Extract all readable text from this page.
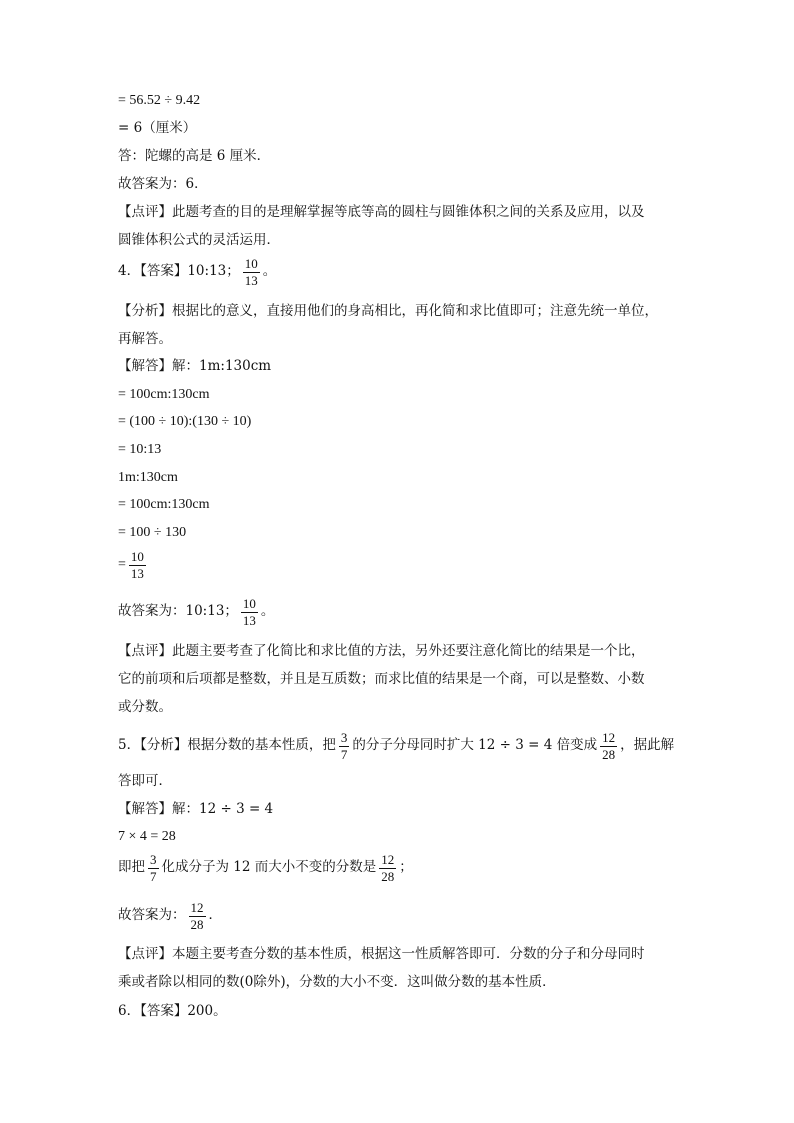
= 56.52 ÷ 9.42
= 6（厘米）
答：陀螺的高是 6 厘米．
故答案为：6．
【点评】此题考查的目的是理解掌握等底等高的圆柱与圆锥体积之间的关系及应用，以及
圆锥体积公式的灵活运用．
4．【答案】10:13； $\frac{10}{13}$ 。
【分析】根据比的意义，直接用他们的身高相比，再化简和求比值即可；注意先统一单位，
再解答。
【解答】解：1m:130cm
= 100cm:130cm
= (100 ÷ 10):(130 ÷ 10)
= 10:13
1m:130cm
= 100cm:130cm
= 100 ÷ 130
= $\frac{10}{13}$
故答案为：10:13； $\frac{10}{13}$ 。
【点评】此题主要考查了化简比和求比值的方法，另外还要注意化简比的结果是一个比，
它的前项和后项都是整数，并且是互质数；而求比值的结果是一个商，可以是整数、小数
或分数。
5．【分析】根据分数的基本性质，把 $\frac{3}{7}$ 的分子分母同时扩大 12 ÷ 3 = 4 倍变成 $\frac{12}{28}$ ，据此解
答即可．
【解答】解：12 ÷ 3 = 4
7 × 4 = 28
即把 $\frac{3}{7}$ 化成分子为 12 而大小不变的分数是 $\frac{12}{28}$ ；
故答案为： $\frac{12}{28}$ ．
【点评】本题主要考查分数的基本性质，根据这一性质解答即可．分数的分子和分母同时
乘或者除以相同的数(0除外)，分数的大小不变．这叫做分数的基本性质．
6．【答案】200。
